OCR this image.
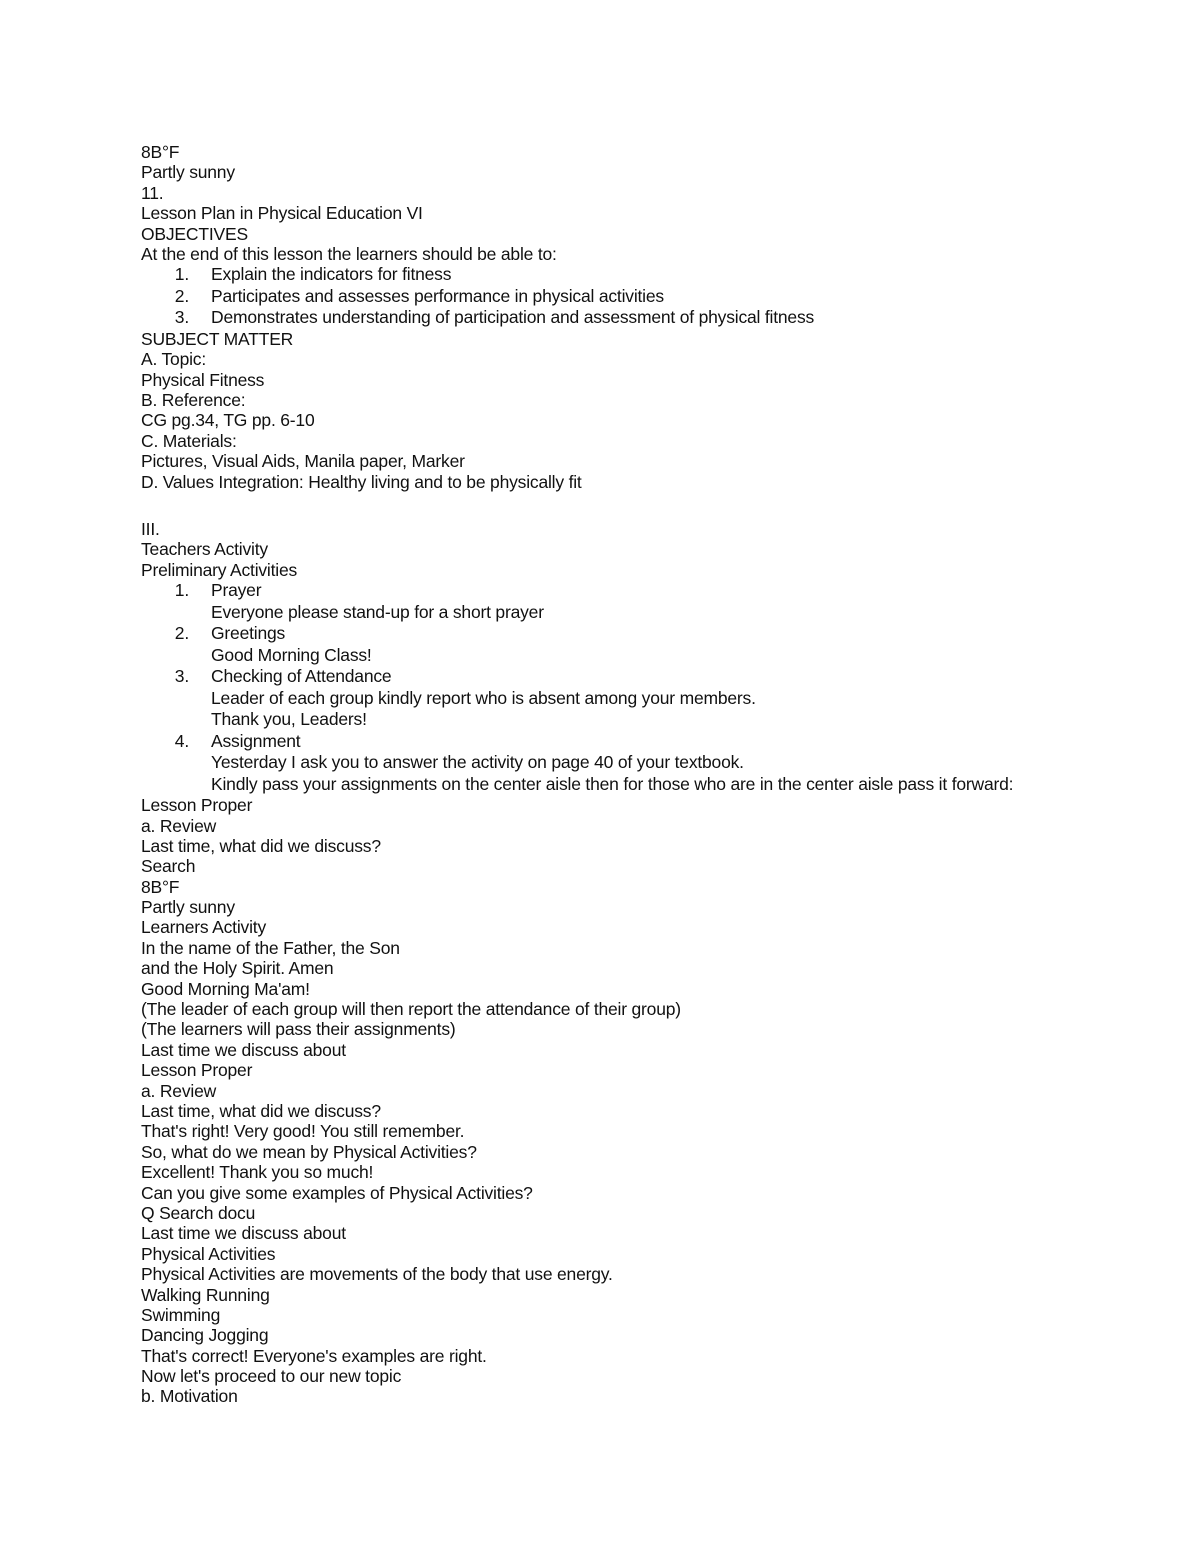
8B°F
Partly sunny
11.
Lesson Plan in Physical Education VI
OBJECTIVES
At the end of this lesson the learners should be able to:
1.	Explain the indicators for fitness
2.	Participates and assesses performance in physical activities
3.	Demonstrates understanding of participation and assessment of physical fitness
SUBJECT MATTER
A. Topic:
Physical Fitness
B. Reference:
CG pg.34, TG pp. 6-10
C. Materials:
Pictures, Visual Aids, Manila paper, Marker
D. Values Integration: Healthy living and to be physically fit
III.
Teachers Activity
Preliminary Activities
1.	Prayer
Everyone please stand-up for a short prayer
2.	Greetings
Good Morning Class!
3.	Checking of Attendance
Leader of each group kindly report who is absent among your members.
Thank you, Leaders!
4.	Assignment
Yesterday I ask you to answer the activity on page 40 of your textbook.
Kindly pass your assignments on the center aisle then for those who are in the center aisle pass it forward:
Lesson Proper
a. Review
Last time, what did we discuss?
Search
8B°F
Partly sunny
Learners Activity
In the name of the Father, the Son
and the Holy Spirit. Amen
Good Morning Ma'am!
(The leader of each group will then report the attendance of their group)
(The learners will pass their assignments)
Last time we discuss about
Lesson Proper
a. Review
Last time, what did we discuss?
That's right! Very good! You still remember.
So, what do we mean by Physical Activities?
Excellent! Thank you so much!
Can you give some examples of Physical Activities?
Q Search docu
Last time we discuss about
Physical Activities
Physical Activities are movements of the body that use energy.
Walking Running
Swimming
Dancing Jogging
That's correct! Everyone's examples are right.
Now let's proceed to our new topic
b. Motivation
